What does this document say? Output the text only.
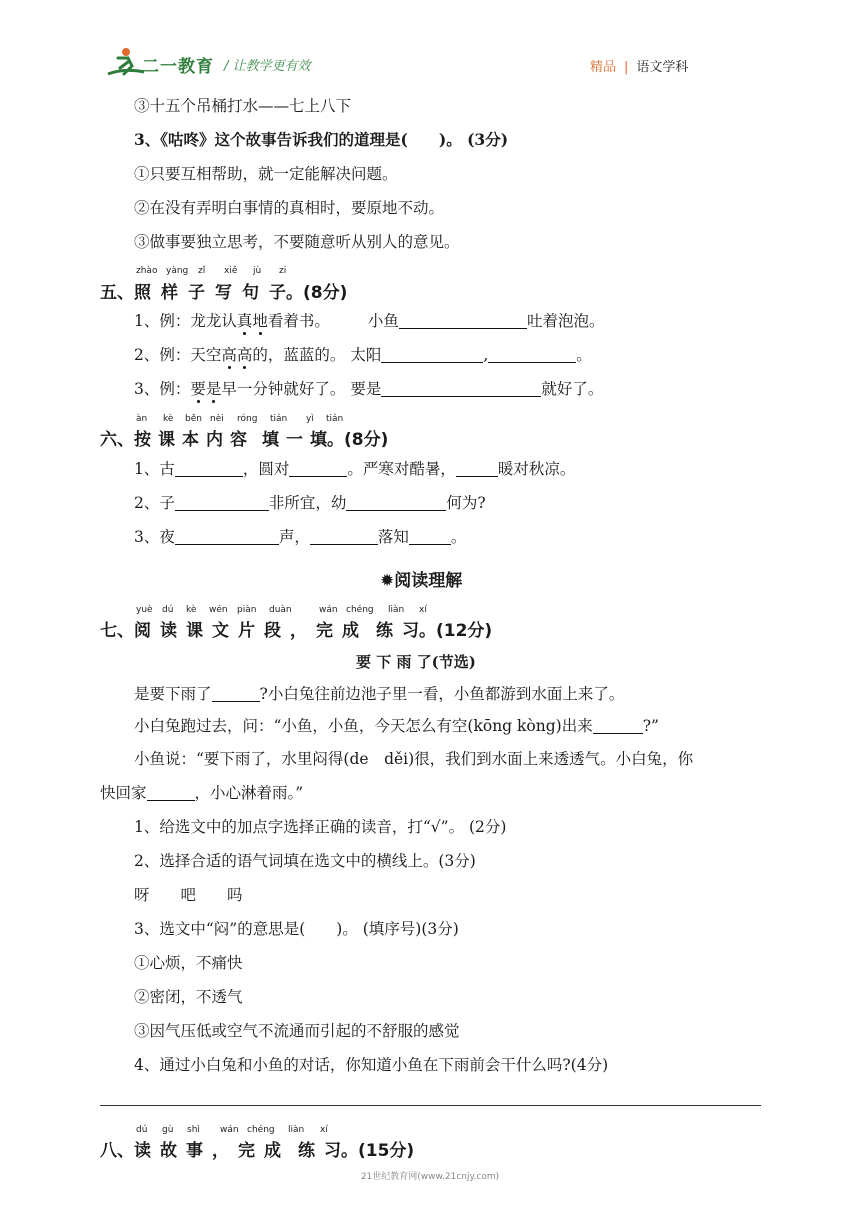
二一教育 / 让教学更有效	精品 | 语文学科
③十五个吊桶打水——七上八下
3、《咕咚》这个故事告诉我们的道理是(　　)。 (3分)
①只要互相帮助，就一定能解决问题。
②在没有弄明白事情的真相时，要原地不动。
③做事要独立思考，不要随意听从别人的意见。
zhào yàng zǐ xiě jù zi
五、照样子写句子。(8分)
1、例：龙龙认真地看着书。 小鱼	吐着泡泡。
2、例：天空高高的，蓝蓝的。 太阳	,	。
3、例：要是早一分钟就好了。 要是	就好了。
àn kè běn nèi róng tián yì tián
六、按课本内容 填一填。(8分)
1、古	，圆对	。严寒对酷暑，	暖对秋凉。
2、子	非所宜，幼	何为?
3、夜	声，	落知	。
✹阅读理解
yuè dú kè wén piàn duàn	wán chéng liàn xí
七、阅读课文片段，完成 练习。(12分)
要 下 雨 了(节选)
是要下雨了	?小白兔往前边池子里一看，小鱼都游到水面上来了。
小白兔跑过去，问：“小鱼，小鱼，今天怎么有空(kōng kòng)出来	?”
小鱼说：“要下雨了，水里闷得(de　děi)很，我们到水面上来透透气。小白兔，你
快回家	，小心淋着雨。”
1、给选文中的加点字选择正确的读音，打“√”。 (2分)
2、选择合适的语气词填在选文中的横线上。(3分)
呀　　吧　　吗
3、选文中“闷”的意思是(　　)。 (填序号)(3分)
①心烦，不痛快
②密闭，不透气
③因气压低或空气不流通而引起的不舒服的感觉
4、通过小白兔和小鱼的对话，你知道小鱼在下雨前会干什么吗?(4分)
dú gù shì wán chéng liàn xí
八、读故事，完成 练习。(15分)
21世纪教育网(www.21cnjy.com)
